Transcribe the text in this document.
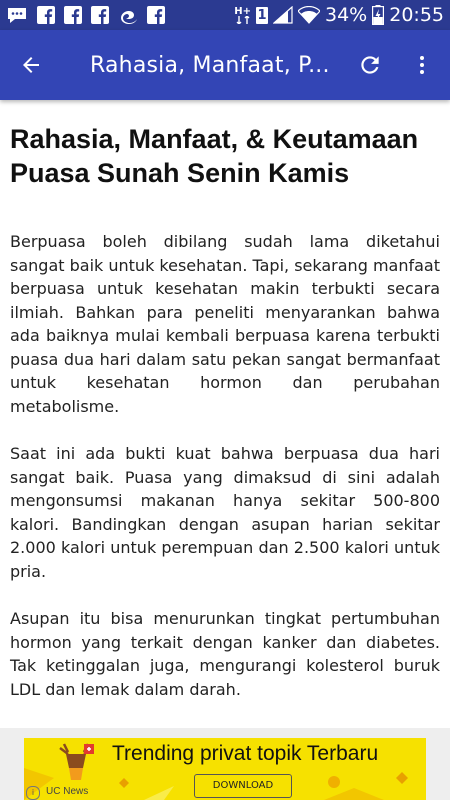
H+ 1	34% 20:55
Rahasia, Manfaat, P...
Rahasia, Manfaat, & Keutamaan Puasa Sunah Senin Kamis

Berpuasa boleh dibilang sudah lama diketahui sangat baik untuk kesehatan. Tapi, sekarang manfaat berpuasa untuk kesehatan makin terbukti secara ilmiah. Bahkan para peneliti menyarankan bahwa ada baiknya mulai kembali berpuasa karena terbukti puasa dua hari dalam satu pekan sangat bermanfaat untuk kesehatan hormon dan perubahan metabolisme.

Saat ini ada bukti kuat bahwa berpuasa dua hari sangat baik. Puasa yang dimaksud di sini adalah mengonsumsi makanan hanya sekitar 500-800 kalori. Bandingkan dengan asupan harian sekitar 2.000 kalori untuk perempuan dan 2.500 kalori untuk pria.

Asupan itu bisa menurunkan tingkat pertumbuhan hormon yang terkait dengan kanker dan diabetes. Tak ketinggalan juga, mengurangi kolesterol buruk LDL dan lemak dalam darah.

Trending privat topik Terbaru
DOWNLOAD
i	UC News
